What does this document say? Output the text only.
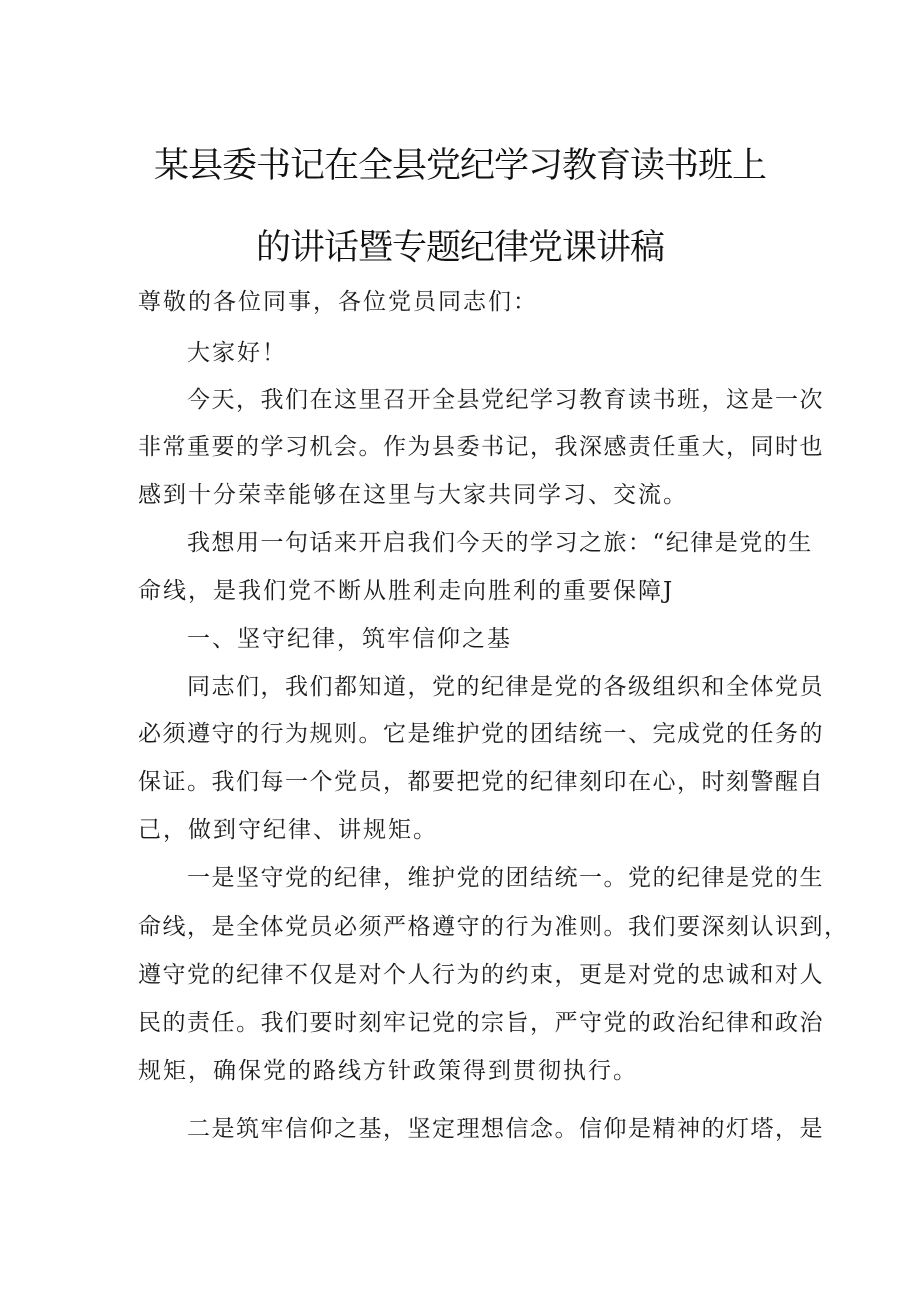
某县委书记在全县党纪学习教育读书班上
的讲话暨专题纪律党课讲稿
尊敬的各位同事，各位党员同志们：
大家好！
今天，我们在这里召开全县党纪学习教育读书班，这是一次
非常重要的学习机会。作为县委书记，我深感责任重大，同时也
感到十分荣幸能够在这里与大家共同学习、交流。
我想用一句话来开启我们今天的学习之旅：“纪律是党的生
命线，是我们党不断从胜利走向胜利的重要保障J
一、坚守纪律，筑牢信仰之基
同志们，我们都知道，党的纪律是党的各级组织和全体党员
必须遵守的行为规则。它是维护党的团结统一、完成党的任务的
保证。我们每一个党员，都要把党的纪律刻印在心，时刻警醒自
己，做到守纪律、讲规矩。
一是坚守党的纪律，维护党的团结统一。党的纪律是党的生
命线，是全体党员必须严格遵守的行为准则。我们要深刻认识到，
遵守党的纪律不仅是对个人行为的约束，更是对党的忠诚和对人
民的责任。我们要时刻牢记党的宗旨，严守党的政治纪律和政治
规矩，确保党的路线方针政策得到贯彻执行。
二是筑牢信仰之基，坚定理想信念。信仰是精神的灯塔，是
